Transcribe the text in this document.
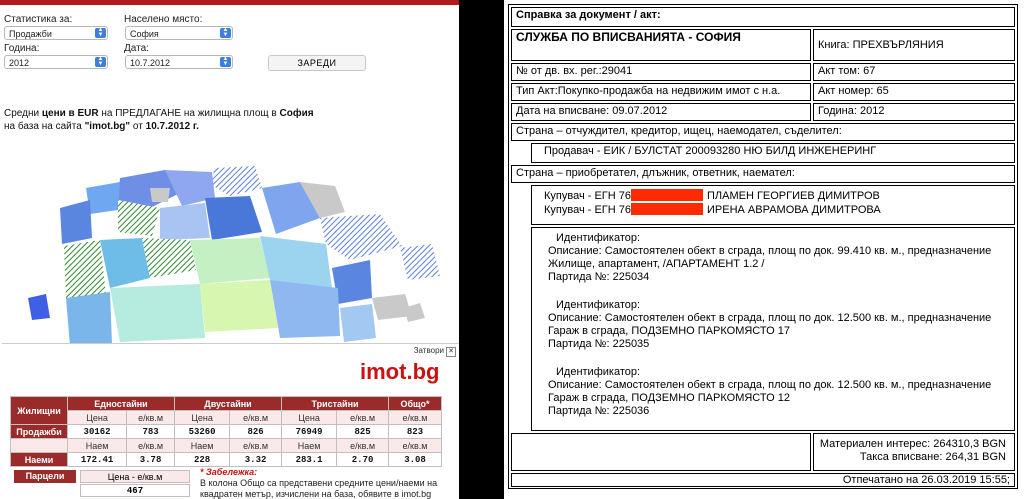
Статистика за:
Продажби	▲
▼
Населено място:
София	▲
▼
Година:
2012	▲
▼
Дата:
10.7.2012	▲
▼	ЗАРЕДИ
Средни цени в EUR на ПРЕДЛАГАНЕ на жилищна площ в София
на база на сайта "imot.bg" от 10.7.2012 г.
Затвори ✕
imot.bg
Жилищни	Едностайни		Двустайни		Тристайни		Общо*
	Цена	е/кв.м	Цена	е/кв.м	Цена	е/кв.м	е/кв.м
Продажби	30162	783	53260	826	76949	825	823
	Наем	е/кв.м	Наем	е/кв.м	Наем	е/кв.м	е/кв.м
Наеми	172.41	3.78	228	3.32	283.1	2.70	3.08
Парцели	Цена - е/кв.м
467
* Забележка:
В колона Общо са представени средните цени/наеми на квадратен метър, изчислени на база, обявите в imot.bg
Справка за документ / акт:
СЛУЖБА ПО ВПИСВАНИЯТА - СОФИЯ
Книга: ПРЕХВЪРЛЯНИЯ
№ от дв. вх. рег.:29041	Акт том: 67
Тип Акт:Покупко-продажба на недвижим имот с н.а.	Акт номер: 65
Дата на вписване: 09.07.2012	Година: 2012
Страна – отчуждител, кредитор, ищец, наемодател, съделител:
Продавач - ЕИК / БУЛСТАТ 200093280 НЮ БИЛД ИНЖЕНЕРИНГ
Страна – приобретател, длъжник, ответник, наемател:
Купувач - ЕГН 76	ПЛАМЕН ГЕОРГИЕВ ДИМИТРОВ
Купувач - ЕГН 76	ИРЕНА АВРАМОВА ДИМИТРОВА
Идентификатор:
Описание: Самостоятелен обект в сграда, площ по док. 99.410 кв. м., предназначение
Жилище, апартамент, /АПАРТАМЕНТ 1.2 /
Партида №: 225034
Идентификатор:
Описание: Самостоятелен обект в сграда, площ по док. 12.500 кв. м., предназначение
Гараж в сграда, ПОДЗЕМНО ПАРКОМЯСТО 17
Партида №: 225035
Идентификатор:
Описание: Самостоятелен обект в сграда, площ по док. 12.500 кв. м., предназначение
Гараж в сграда, ПОДЗЕМНО ПАРКОМЯСТО 12
Партида №: 225036
Материален интерес: 264310,3 BGN
Такса вписване: 264,31 BGN
Отпечатано на 26.03.2019 15:55;
